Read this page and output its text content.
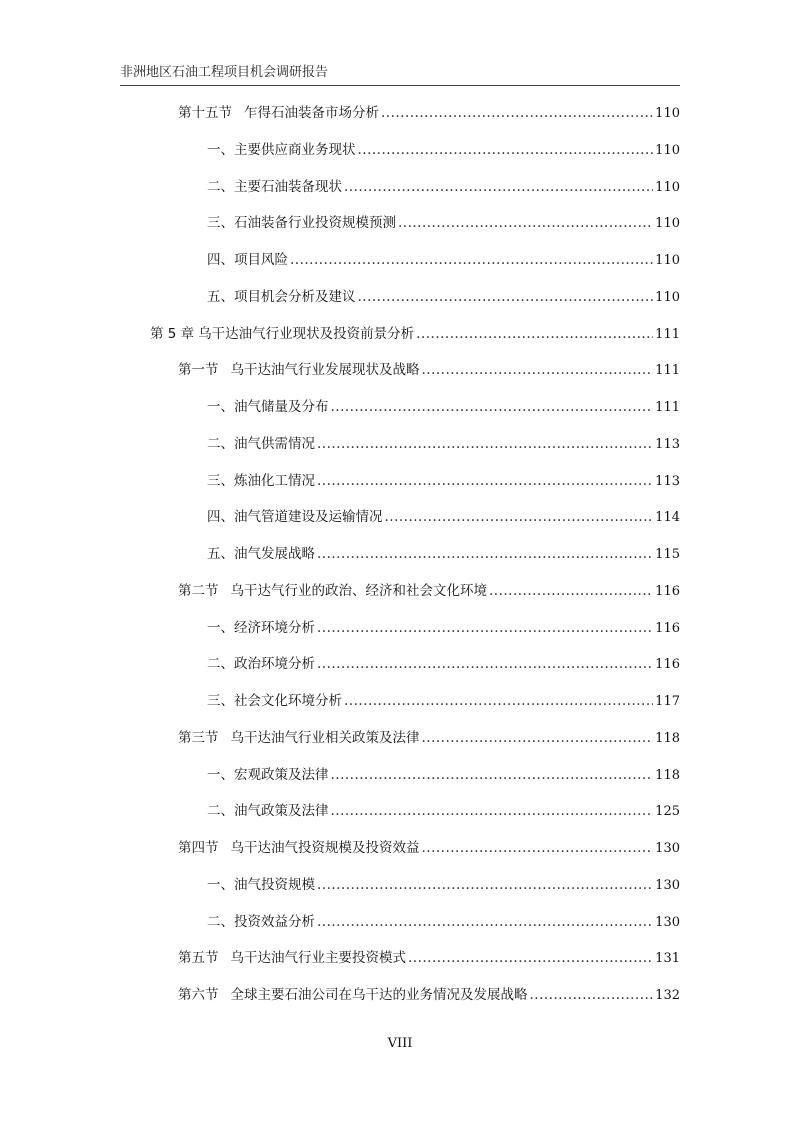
非洲地区石油工程项目机会调研报告
第十五节 乍得石油装备市场分析 .....	110
一、 主要供应商业务现状 .....	110
二、 主要石油装备现状 .....	110
三、 石油装备行业投资规模预测 .....	110
四、 项目风险 .....	110
五、 项目机会分析及建议 .....	110
第 5 章 乌干达油气行业现状及投资前景分析 .....	111
第一节 乌干达油气行业发展现状及战略 .....	111
一、 油气储量及分布 .....	111
二、 油气供需情况 .....	113
三、 炼油化工情况 .....	113
四、 油气管道建设及运输情况 .....	114
五、 油气发展战略 .....	115
第二节 乌干达气行业的政治、经济和社会文化环境 .....	116
一、 经济环境分析 .....	116
二、 政治环境分析 .....	116
三、 社会文化环境分析 .....	117
第三节 乌干达油气行业相关政策及法律 .....	118
一、 宏观政策及法律 .....	118
二、 油气政策及法律 .....	125
第四节 乌干达油气投资规模及投资效益 .....	130
一、 油气投资规模 .....	130
二、 投资效益分析 .....	130
第五节 乌干达油气行业主要投资模式 .....	131
第六节 全球主要石油公司在乌干达的业务情况及发展战略 .....	132
VIII
